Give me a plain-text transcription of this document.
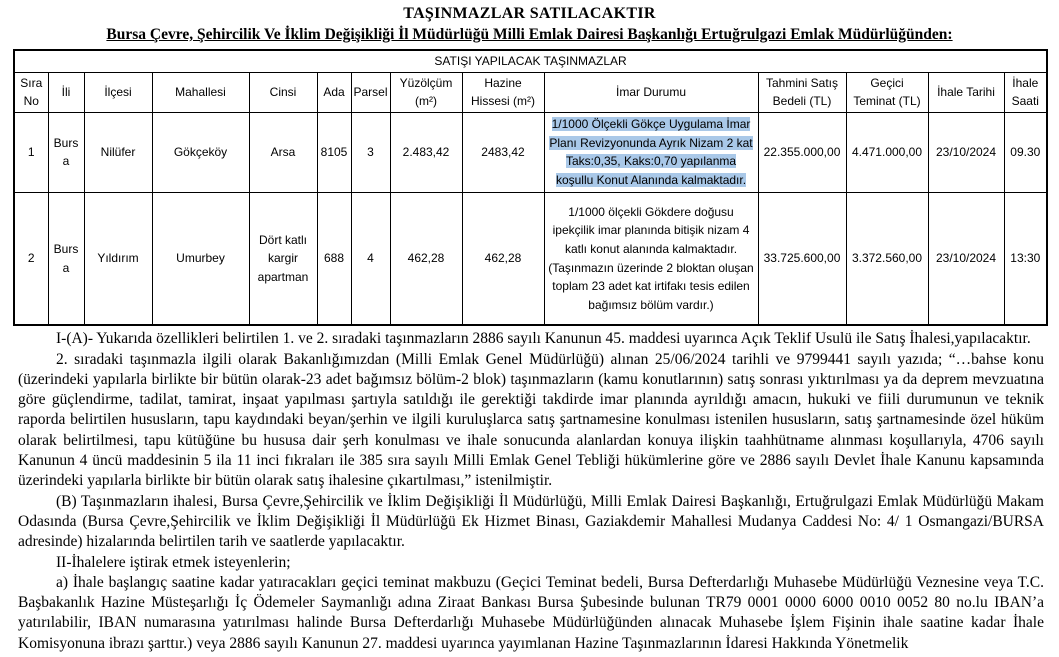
TAŞINMAZLAR SATILACAKTIR
Bursa Çevre, Şehircilik Ve İklim Değişikliği İl Müdürlüğü Milli Emlak Dairesi Başkanlığı Ertuğrulgazi Emlak Müdürlüğünden:
SATIŞI YAPILACAK TAŞINMAZLAR													
Sıra No	İli	İlçesi	Mahallesi	Cinsi	Ada	Parsel	Yüzölçüm (m²)	Hazine Hissesi (m²)	İmar Durumu	Tahmini Satış Bedeli (TL)	Geçici Teminat (TL)	İhale Tarihi	İhale Saati
1	Bursa	Nilüfer	Gökçeköy	Arsa	8105	3	2.483,42	2483,42	1/1000 Ölçekli Gökçe Uygulama İmar Planı Revizyonunda Ayrık Nizam 2 kat Taks:0,35, Kaks:0,70 yapılanma koşullu Konut Alanında kalmaktadır.	22.355.000,00	4.471.000,00	23/10/2024	09.30
2	Bursa	Yıldırım	Umurbey	Dört katlı kargir apartman	688	4	462,28	462,28	1/1000 ölçekli Gökdere doğusu ipekçilik imar planında bitişik nizam 4 katlı konut alanında kalmaktadır.(Taşınmazın üzerinde 2 bloktan oluşan toplam 23 adet kat irtifakı tesis edilen bağımsız bölüm vardır.)	33.725.600,00	3.372.560,00	23/10/2024	13:30

I-(A)- Yukarıda özellikleri belirtilen 1. ve 2. sıradaki taşınmazların 2886 sayılı Kanunun 45. maddesi uyarınca Açık Teklif Usulü ile Satış İhalesi,yapılacaktır.

2. sıradaki taşınmazla ilgili olarak Bakanlığımızdan (Milli Emlak Genel Müdürlüğü) alınan 25/06/2024 tarihli ve 9799441 sayılı yazıda; “…bahse konu (üzerindeki yapılarla birlikte bir bütün olarak-23 adet bağımsız bölüm-2 blok) taşınmazların (kamu konutlarının) satış sonrası yıktırılması ya da deprem mevzuatına göre güçlendirme, tadilat, tamirat, inşaat yapılması şartıyla satıldığı ile gerektiği takdirde imar planında ayrıldığı amacın, hukuki ve fiili durumunun ve teknik raporda belirtilen hususların, tapu kaydındaki beyan/şerhin ve ilgili kuruluşlarca satış şartnamesine konulması istenilen hususların, satış şartnamesinde özel hüküm olarak belirtilmesi, tapu kütüğüne bu hususa dair şerh konulması ve ihale sonucunda alanlardan konuya ilişkin taahhütname alınması koşullarıyla, 4706 sayılı Kanunun 4 üncü maddesinin 5 ila 11 inci fıkraları ile 385 sıra sayılı Milli Emlak Genel Tebliği hükümlerine göre ve 2886 sayılı Devlet İhale Kanunu kapsamında üzerindeki yapılarla birlikte bir bütün olarak satış ihalesine çıkartılması,” istenilmiştir.

(B) Taşınmazların ihalesi, Bursa Çevre,Şehircilik ve İklim Değişikliği İl Müdürlüğü, Milli Emlak Dairesi Başkanlığı, Ertuğrulgazi Emlak Müdürlüğü Makam Odasında (Bursa Çevre,Şehircilik ve İklim Değişikliği İl Müdürlüğü Ek Hizmet Binası, Gaziakdemir Mahallesi Mudanya Caddesi No: 4/ 1 Osmangazi/BURSA adresinde) hizalarında belirtilen tarih ve saatlerde yapılacaktır.

II-İhalelere iştirak etmek isteyenlerin;

a) İhale başlangıç saatine kadar yatıracakları geçici teminat makbuzu (Geçici Teminat bedeli, Bursa Defterdarlığı Muhasebe Müdürlüğü Veznesine veya T.C. Başbakanlık Hazine Müsteşarlığı İç Ödemeler Saymanlığı adına Ziraat Bankası Bursa Şubesinde bulunan TR79 0001 0000 6000 0010 0052 80 no.lu IBAN’a yatırılabilir, IBAN numarasına yatırılması halinde Bursa Defterdarlığı Muhasebe Müdürlüğünden alınacak Muhasebe İşlem Fişinin ihale saatine kadar İhale Komisyonuna ibrazı şarttır.) veya 2886 sayılı Kanunun 27. maddesi uyarınca yayımlanan Hazine Taşınmazlarının İdaresi Hakkında Yönetmelik
